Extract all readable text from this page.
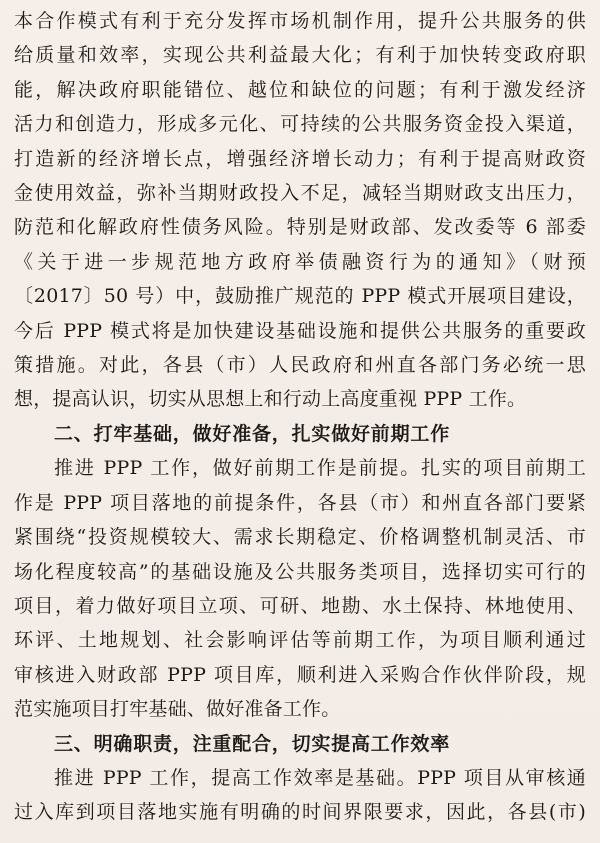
本合作模式有利于充分发挥市场机制作用，提升公共服务的供
给质量和效率，实现公共利益最大化；有利于加快转变政府职
能，解决政府职能错位、越位和缺位的问题；有利于激发经济
活力和创造力，形成多元化、可持续的公共服务资金投入渠道，
打造新的经济增长点，增强经济增长动力；有利于提高财政资
金使用效益，弥补当期财政投入不足，减轻当期财政支出压力，
防范和化解政府性债务风险。特别是财政部、发改委等 6 部委
《关于进一步规范地方政府举债融资行为的通知》（财预
〔2017〕50 号）中，鼓励推广规范的 PPP 模式开展项目建设，
今后 PPP 模式将是加快建设基础设施和提供公共服务的重要政
策措施。对此，各县（市）人民政府和州直各部门务必统一思
想，提高认识，切实从思想上和行动上高度重视 PPP 工作。

二、打牢基础，做好准备，扎实做好前期工作

推进 PPP 工作，做好前期工作是前提。扎实的项目前期工
作是 PPP 项目落地的前提条件，各县（市）和州直各部门要紧
紧围绕“投资规模较大、需求长期稳定、价格调整机制灵活、市
场化程度较高”的基础设施及公共服务类项目，选择切实可行的
项目，着力做好项目立项、可研、地勘、水土保持、林地使用、
环评、土地规划、社会影响评估等前期工作，为项目顺利通过
审核进入财政部 PPP 项目库，顺利进入采购合作伙伴阶段，规
范实施项目打牢基础、做好准备工作。

三、明确职责，注重配合，切实提高工作效率

推进 PPP 工作，提高工作效率是基础。PPP 项目从审核通
过入库到项目落地实施有明确的时间界限要求，因此，各县(市)
